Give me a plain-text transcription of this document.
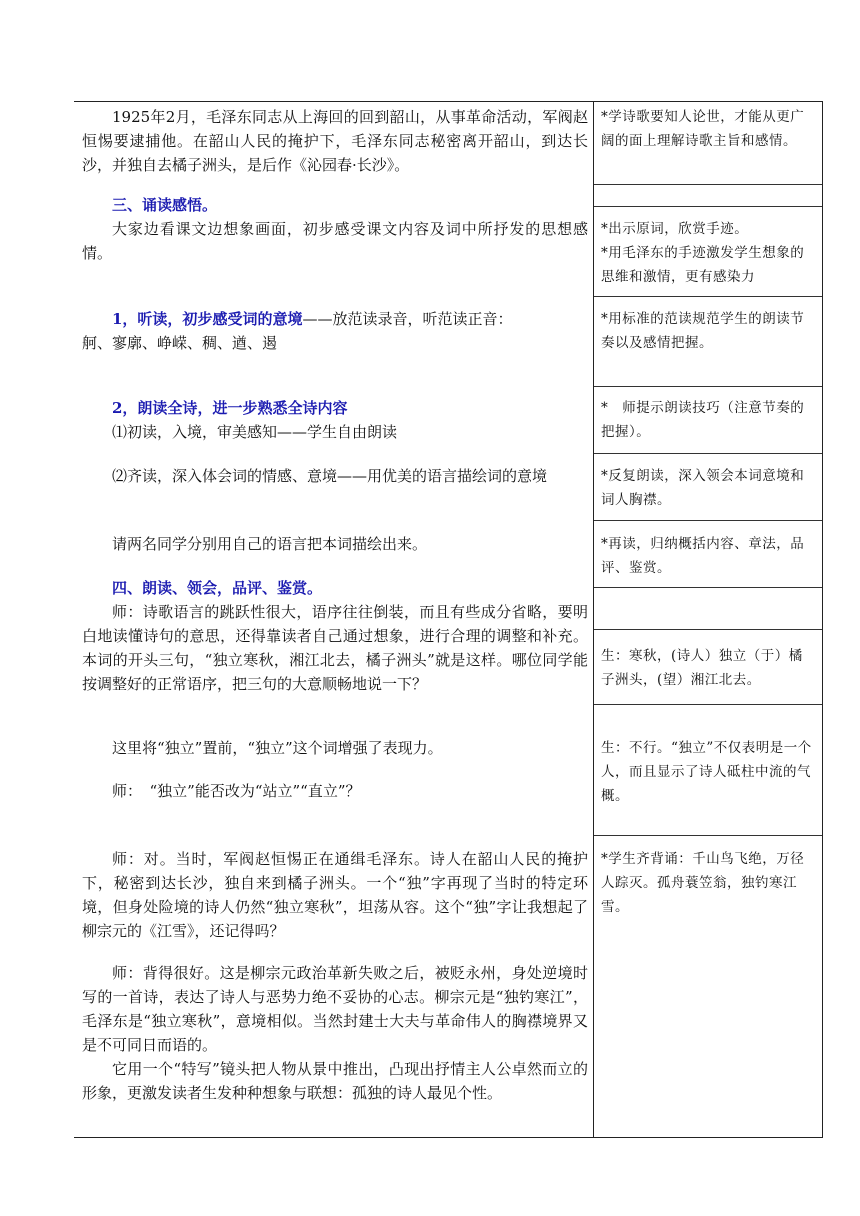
1925年2月，毛泽东同志从上海回的回到韶山，从事革命活动，军阀赵恒惕要逮捕他。在韶山人民的掩护下，毛泽东同志秘密离开韶山，到达长沙，并独自去橘子洲头，是后作《沁园春·长沙》。

三、诵读感悟。

大家边看课文边想象画面，初步感受课文内容及词中所抒发的思想感情。

1，听读，初步感受词的意境——放范读录音，听范读正音：

舸、寥廓、峥嵘、稠、遒、遏

2，朗读全诗，进一步熟悉全诗内容

⑴初读，入境，审美感知——学生自由朗读

⑵齐读，深入体会词的情感、意境——用优美的语言描绘词的意境

请两名同学分别用自己的语言把本词描绘出来。

四、朗读、领会，品评、鉴赏。

师：诗歌语言的跳跃性很大，语序往往倒装，而且有些成分省略，要明白地读懂诗句的意思，还得靠读者自己通过想象，进行合理的调整和补充。本词的开头三句，“独立寒秋，湘江北去，橘子洲头”就是这样。哪位同学能按调整好的正常语序，把三句的大意顺畅地说一下？

这里将“独立”置前，“独立”这个词增强了表现力。

师：　“独立”能否改为“站立”“直立”？

师：对。当时，军阀赵恒惕正在通缉毛泽东。诗人在韶山人民的掩护下，秘密到达长沙，独自来到橘子洲头。一个“独”字再现了当时的特定环境，但身处险境的诗人仍然“独立寒秋”，坦荡从容。这个“独”字让我想起了柳宗元的《江雪》，还记得吗？

师：背得很好。这是柳宗元政治革新失败之后，被贬永州，身处逆境时写的一首诗，表达了诗人与恶势力绝不妥协的心志。柳宗元是“独钓寒江”，毛泽东是“独立寒秋”，意境相似。当然封建士大夫与革命伟人的胸襟境界又是不可同日而语的。

它用一个“特写”镜头把人物从景中推出，凸现出抒情主人公卓然而立的形象，更激发读者生发种种想象与联想：孤独的诗人最见个性。

*学诗歌要知人论世，才能从更广阔的面上理解诗歌主旨和感情。

*出示原词，欣赏手迹。

*用毛泽东的手迹激发学生想象的思维和激情，更有感染力

*用标准的范读规范学生的朗读节奏以及感情把握。

*　师提示朗读技巧（注意节奏的把握）。

*反复朗读，深入领会本词意境和词人胸襟。

*再读，归纳概括内容、章法，品评、鉴赏。

生：寒秋，(诗人）独立（于）橘子洲头，(望）湘江北去。

生：不行。“独立”不仅表明是一个人，而且显示了诗人砥柱中流的气概。

*学生齐背诵：千山鸟飞绝，万径人踪灭。孤舟蓑笠翁，独钓寒江雪。
